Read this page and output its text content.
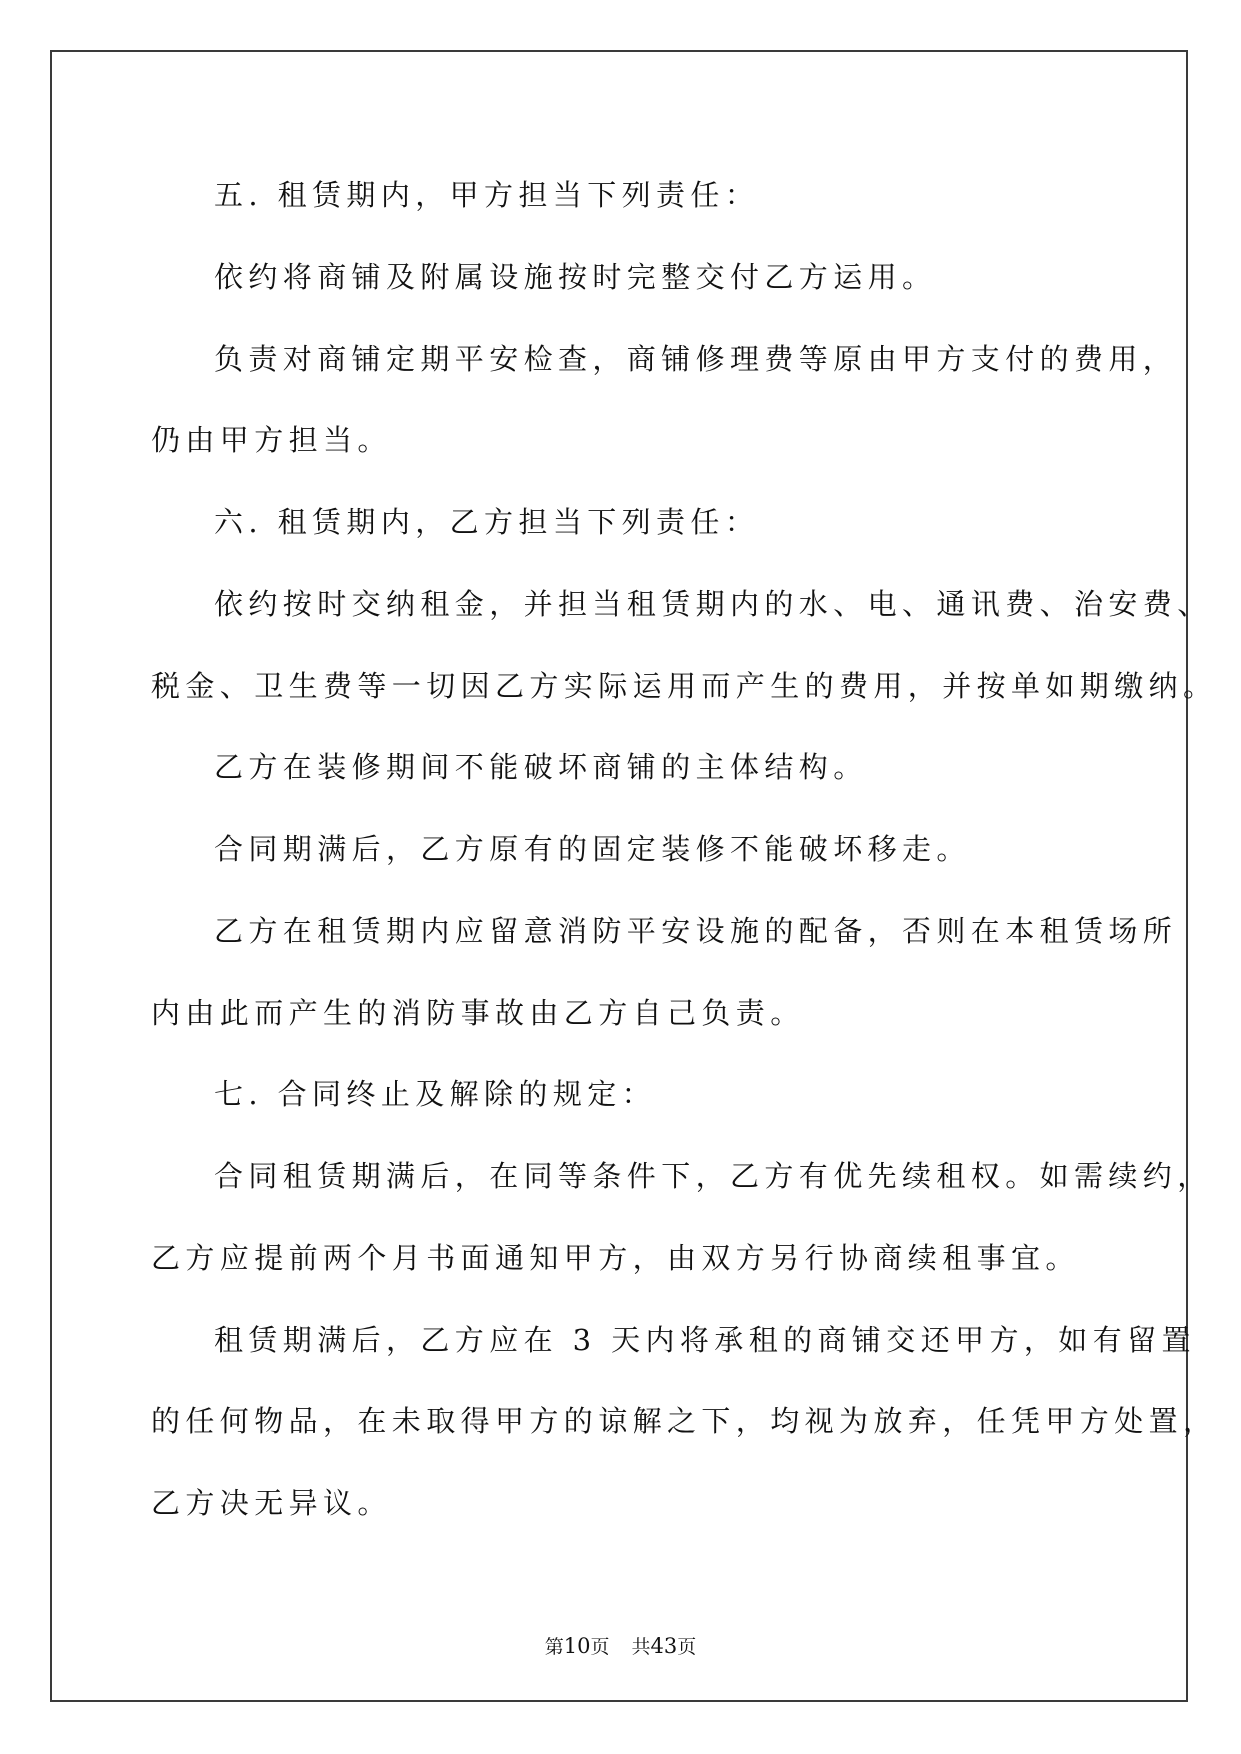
五. 租赁期内，甲方担当下列责任：

依约将商铺及附属设施按时完整交付乙方运用。

负责对商铺定期平安检查，商铺修理费等原由甲方支付的费用，

仍由甲方担当。

六. 租赁期内，乙方担当下列责任：

依约按时交纳租金，并担当租赁期内的水、电、通讯费、治安费、

税金、卫生费等一切因乙方实际运用而产生的费用，并按单如期缴纳。

乙方在装修期间不能破坏商铺的主体结构。

合同期满后，乙方原有的固定装修不能破坏移走。

乙方在租赁期内应留意消防平安设施的配备，否则在本租赁场所

内由此而产生的消防事故由乙方自己负责。

七. 合同终止及解除的规定：

合同租赁期满后，在同等条件下，乙方有优先续租权。如需续约，

乙方应提前两个月书面通知甲方，由双方另行协商续租事宜。

租赁期满后，乙方应在 3 天内将承租的商铺交还甲方，如有留置

的任何物品，在未取得甲方的谅解之下，均视为放弃，任凭甲方处置，

乙方决无异议。

第10页 共43页
